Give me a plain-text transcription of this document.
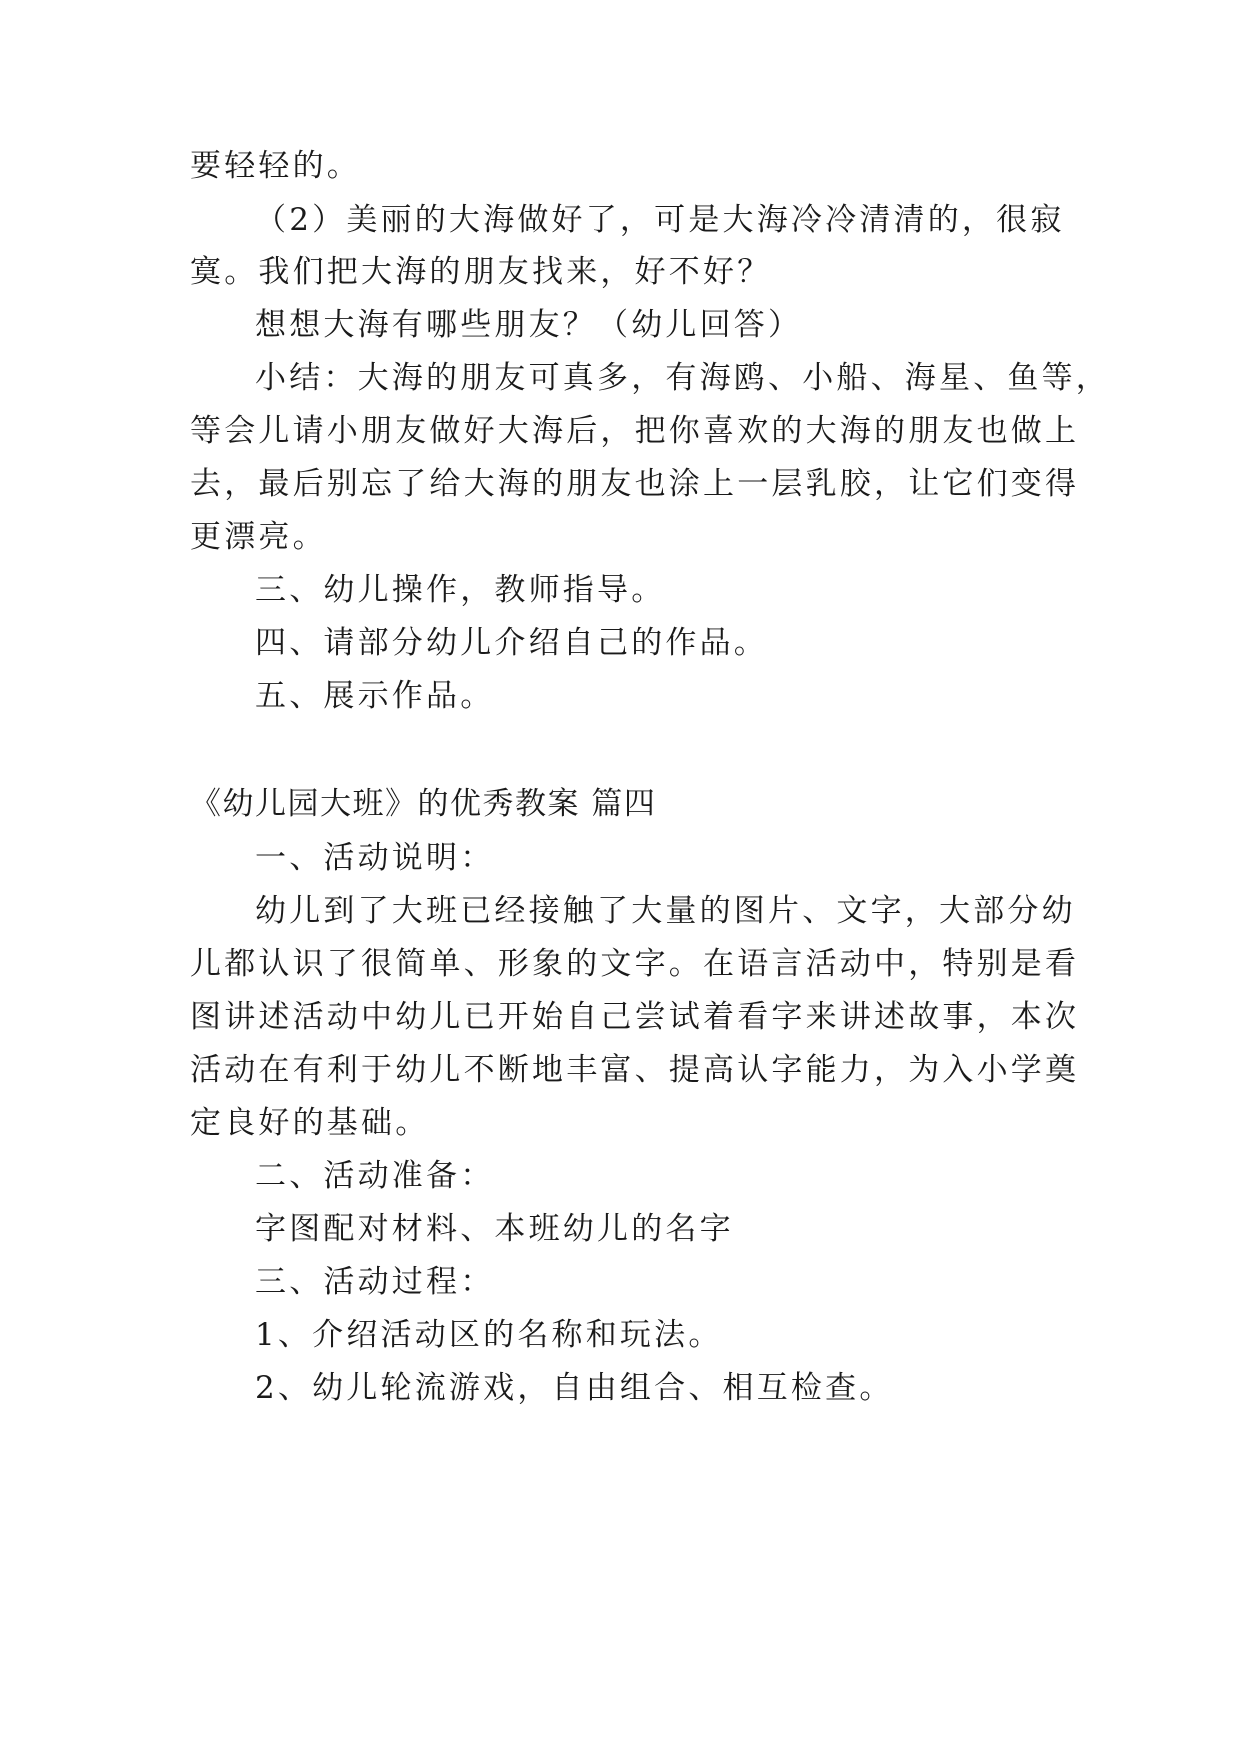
要轻轻的。
（2）美丽的大海做好了，可是大海冷冷清清的，很寂
寞。我们把大海的朋友找来，好不好？
想想大海有哪些朋友？（幼儿回答）
小结：大海的朋友可真多，有海鸥、小船、海星、鱼等，
等会儿请小朋友做好大海后，把你喜欢的大海的朋友也做上
去，最后别忘了给大海的朋友也涂上一层乳胶，让它们变得
更漂亮。
三、幼儿操作，教师指导。
四、请部分幼儿介绍自己的作品。
五、展示作品。
《幼儿园大班》的优秀教案 篇四
一、活动说明：
幼儿到了大班已经接触了大量的图片、文字，大部分幼
儿都认识了很简单、形象的文字。在语言活动中，特别是看
图讲述活动中幼儿已开始自己尝试着看字来讲述故事，本次
活动在有利于幼儿不断地丰富、提高认字能力，为入小学奠
定良好的基础。
二、活动准备：
字图配对材料、本班幼儿的名字
三、活动过程：
1、介绍活动区的名称和玩法。
2、幼儿轮流游戏，自由组合、相互检查。
